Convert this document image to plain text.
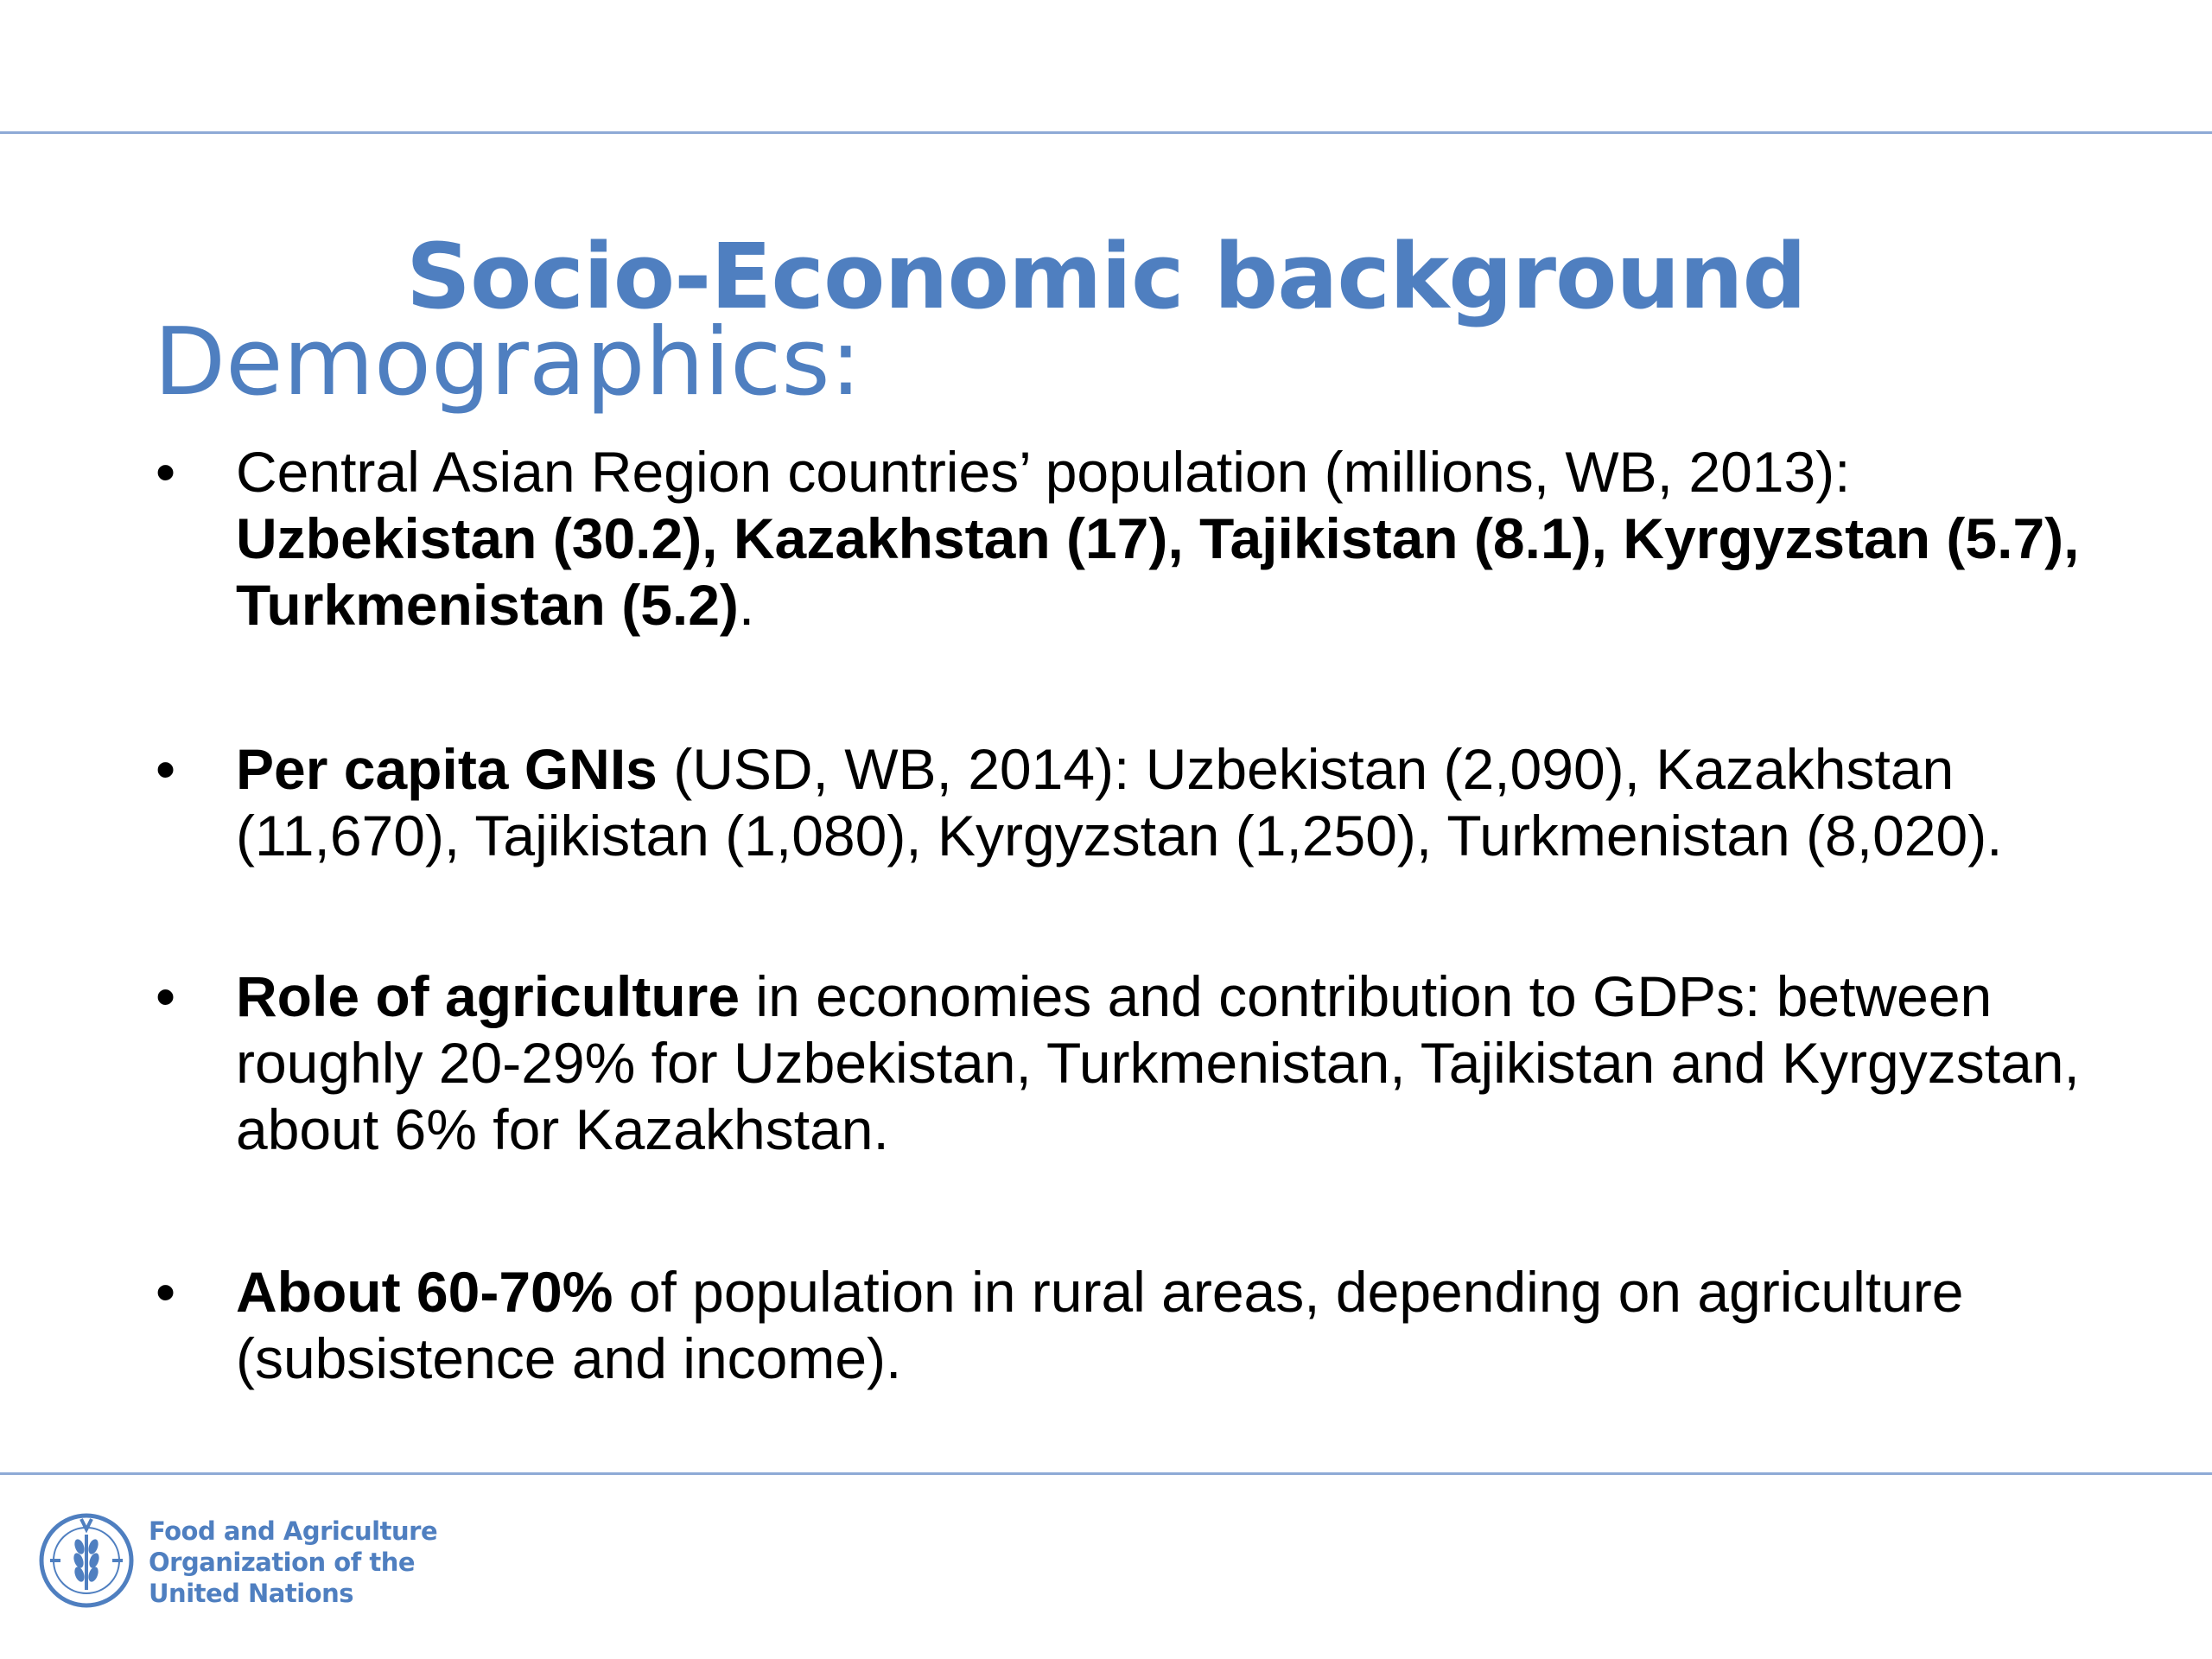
Socio-Economic background
Demographics:
• Central Asian Region countries’ population (millions, WB, 2013): Uzbekistan (30.2), Kazakhstan (17), Tajikistan (8.1), Kyrgyzstan (5.7), Turkmenistan (5.2).
• Per capita GNIs (USD, WB, 2014): Uzbekistan (2,090), Kazakhstan (11,670), Tajikistan (1,080), Kyrgyzstan (1,250), Turkmenistan (8,020).
• Role of agriculture in economies and contribution to GDPs: between roughly 20-29% for Uzbekistan, Turkmenistan, Tajikistan and Kyrgyzstan, about 6% for Kazakhstan.
• About 60-70% of population in rural areas, depending on agriculture (subsistence and income).
Food and Agriculture
Organization of the
United Nations
